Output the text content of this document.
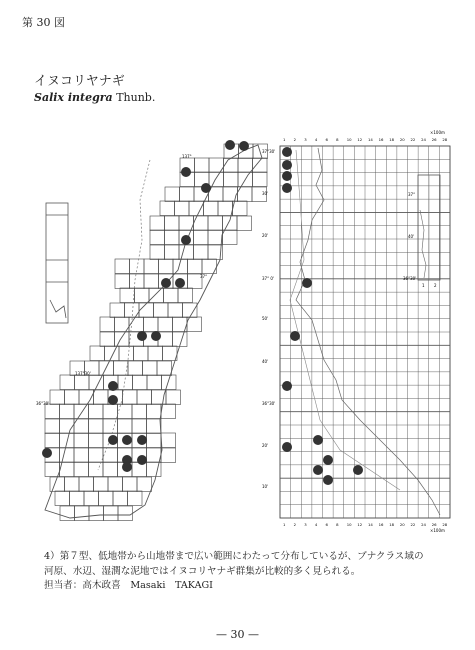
第 30 図
イヌコリヤナギ
Salix integra Thunb.
137°
137°30'
37°
36°30'
×100m
×100m
1 2 3 4 6 8 10 12 14 16 18 20 22 24 26 28
1 2 3 4 6 8 10 12 14 16 18 20 22 24 26 28
37°30'
30'
20'
37° 0'
50'
40'
36°30'
20'
10'
37°
40'
36°30'
1 2
4）第７型、低地帯から山地帯まで広い範囲にわたって分布しているが、ブナクラス域の
河原、水辺、湿潤な泥地ではイヌコリヤナギ群集が比較的多く見られる。
担当者：高木政喜　Masaki　TAKAGI
— 30 —
